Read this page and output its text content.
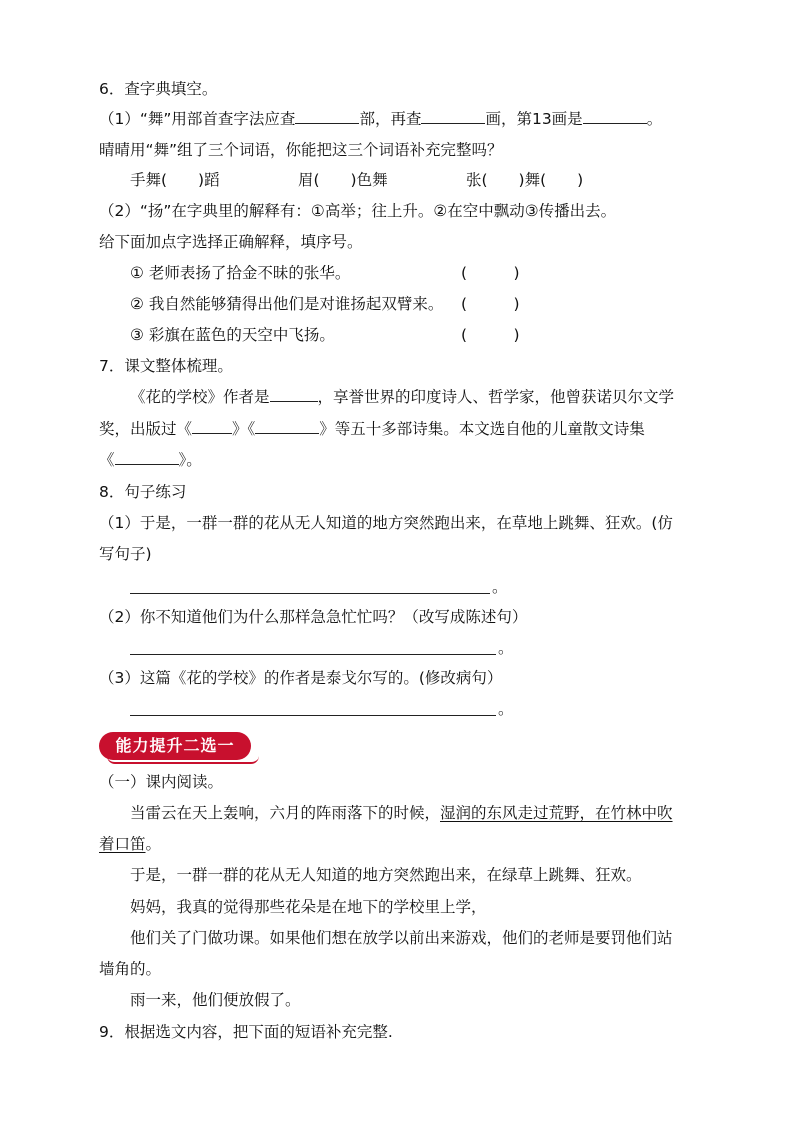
6．查字典填空。
（1）“舞”用部首查字法应查	部，再查	画，第13画是	。
晴晴用“舞”组了三个词语，你能把这三个词语补充完整吗？
手舞(　　)蹈	眉(　　)色舞	张(　　)舞(　　)
（2）“扬”在字典里的解释有：①高举；往上升。②在空中飘动③传播出去。
给下面加点字选择正确解释，填序号。
① 老师表扬了拾金不昧的张华。	(　　　)
② 我自然能够猜得出他们是对谁扬起双臂来。 (　　　)
③ 彩旗在蓝色的天空中飞扬。	(　　　)
7．课文整体梳理。
《花的学校》作者是	，享誉世界的印度诗人、哲学家，他曾获诺贝尔文学
奖，出版过《	》《	》等五十多部诗集。本文选自他的儿童散文诗集
《	》。
8．句子练习
（1）于是，一群一群的花从无人知道的地方突然跑出来，在草地上跳舞、狂欢。(仿
写句子)
。
（2）你不知道他们为什么那样急急忙忙吗？（改写成陈述句）
。
（3）这篇《花的学校》的作者是泰戈尔写的。(修改病句）
。
能力提升二选一
（一）课内阅读。
当雷云在天上轰响，六月的阵雨落下的时候，湿润的东风走过荒野，在竹林中吹
着口笛。
于是，一群一群的花从无人知道的地方突然跑出来，在绿草上跳舞、狂欢。
妈妈，我真的觉得那些花朵是在地下的学校里上学，
他们关了门做功课。如果他们想在放学以前出来游戏，他们的老师是要罚他们站
墙角的。
雨一来，他们便放假了。
9．根据选文内容，把下面的短语补充完整.
